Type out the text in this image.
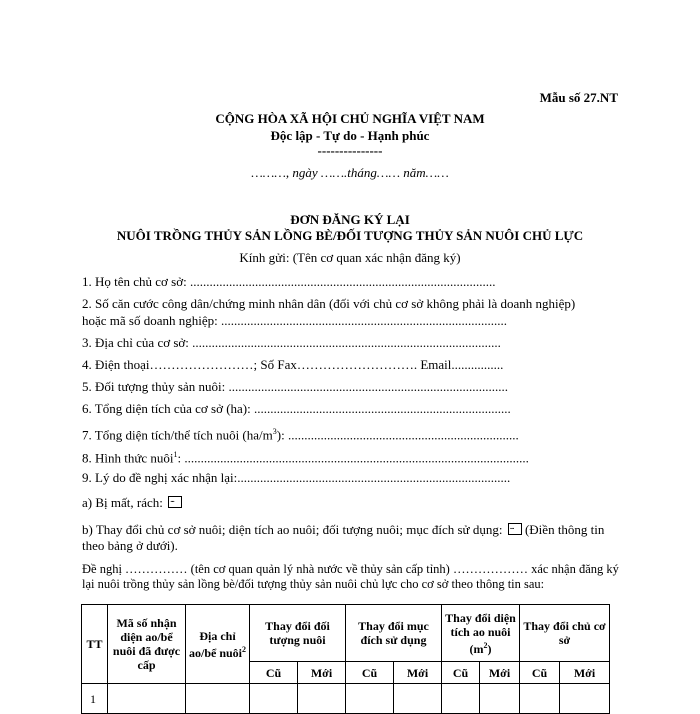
Mẫu số 27.NT
CỘNG HÒA XÃ HỘI CHỦ NGHĨA VIỆT NAM
Độc lập - Tự do - Hạnh phúc
---------------
………, ngày …….tháng…… năm……
ĐƠN ĐĂNG KÝ LẠI
NUÔI TRỒNG THỦY SẢN LỒNG BÈ/ĐỐI TƯỢNG THỦY SẢN NUÔI CHỦ LỰC
Kính gửi: (Tên cơ quan xác nhận đăng ký)
1. Họ tên chủ cơ sở: ..............................................................................................
2. Số căn cước công dân/chứng minh nhân dân (đối với chủ cơ sở không phải là doanh nghiệp)
hoặc mã số doanh nghiệp: ........................................................................................
3. Địa chỉ của cơ sở: ...............................................................................................
4. Điện thoại……………………; Số Fax………………………. Email................
5. Đối tượng thủy sản nuôi: ......................................................................................
6. Tổng diện tích của cơ sở (ha): ...............................................................................
7. Tổng diện tích/thể tích nuôi $(ha/m^3)$: .......................................................................
8. Hình thức nuôi$^1$: ..........................................................................................................
9. Lý do đề nghị xác nhận lại:....................................................................................
a) Bị mất, rách: ...
b) Thay đổi chủ cơ sở nuôi; diện tích ao nuôi; đối tượng nuôi; mục đích sử dụng: ... (Điền thông tin theo bảng ở dưới).
Đề nghị …………… (tên cơ quan quản lý nhà nước về thủy sản cấp tỉnh) ……………… xác nhận đăng ký lại nuôi trồng thủy sản lồng bè/đối tượng thủy sản nuôi chủ lực cho cơ sở theo thông tin sau:
TT	Mã số nhận diện ao/bể nuôi đã được cấp	Địa chỉ ao/bể nuôi$^2$	Thay đổi đối tượng nuôi		Thay đổi mục đích sử dụng		Thay đổi diện tích ao nuôi $(m^2)$		Thay đổi chủ cơ sở	
			Cũ	Mới	Cũ	Mới	Cũ	Mới	Cũ	Mới
1										
